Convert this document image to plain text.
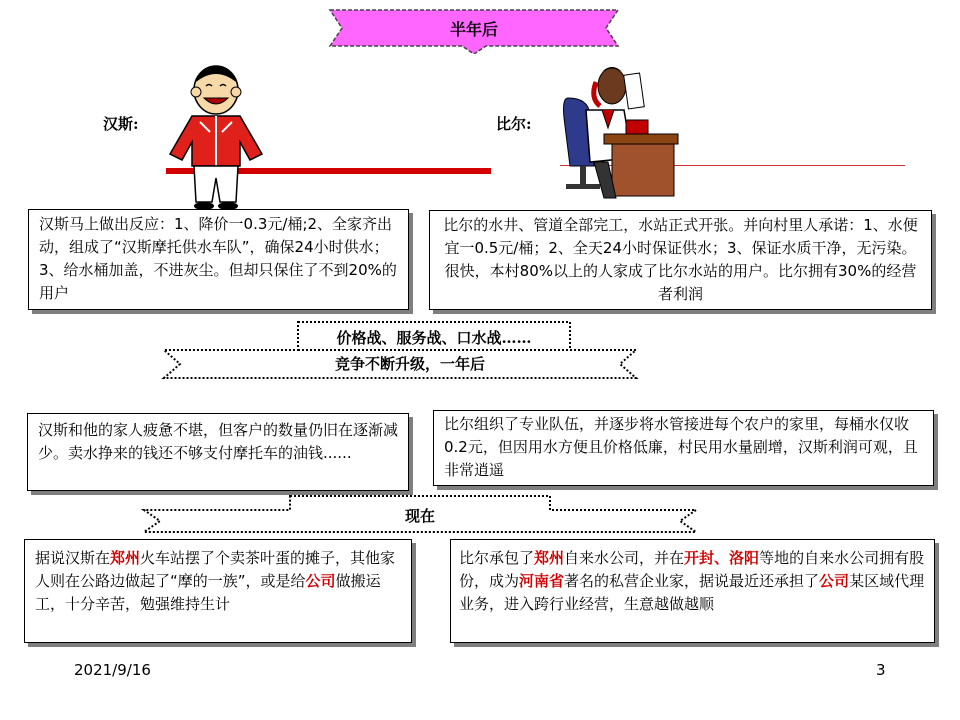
半年后
汉斯:	比尔:
汉斯马上做出反应：1、降价一0.3元/桶;2、全家齐出动，组成了“汉斯摩托供水车队”，确保24小时供水；3、给水桶加盖，不进灰尘。但却只保住了不到20%的用户
比尔的水井、管道全部完工，水站正式开张。并向村里人承诺：1、水便宜一0.5元/桶；2、全天24小时保证供水；3、保证水质干净，无污染。很快，本村80%以上的人家成了比尔水站的用户。比尔拥有30%的经营者利润
价格战、服务战、口水战……
竞争不断升级，一年后
汉斯和他的家人疲惫不堪，但客户的数量仍旧在逐渐减少。卖水挣来的钱还不够支付摩托车的油钱......
比尔组织了专业队伍，并逐步将水管接进每个农户的家里，每桶水仅收0.2元，但因用水方便且价格低廉，村民用水量剧增，汉斯利润可观，且非常逍遥
现在
据说汉斯在郑州火车站摆了个卖茶叶蛋的摊子，其他家人则在公路边做起了“摩的一族”，或是给公司做搬运工，十分辛苦，勉强维持生计
比尔承包了郑州自来水公司，并在开封、洛阳等地的自来水公司拥有股份，成为河南省著名的私营企业家，据说最近还承担了公司某区域代理业务，进入跨行业经营，生意越做越顺
2021/9/16	3
